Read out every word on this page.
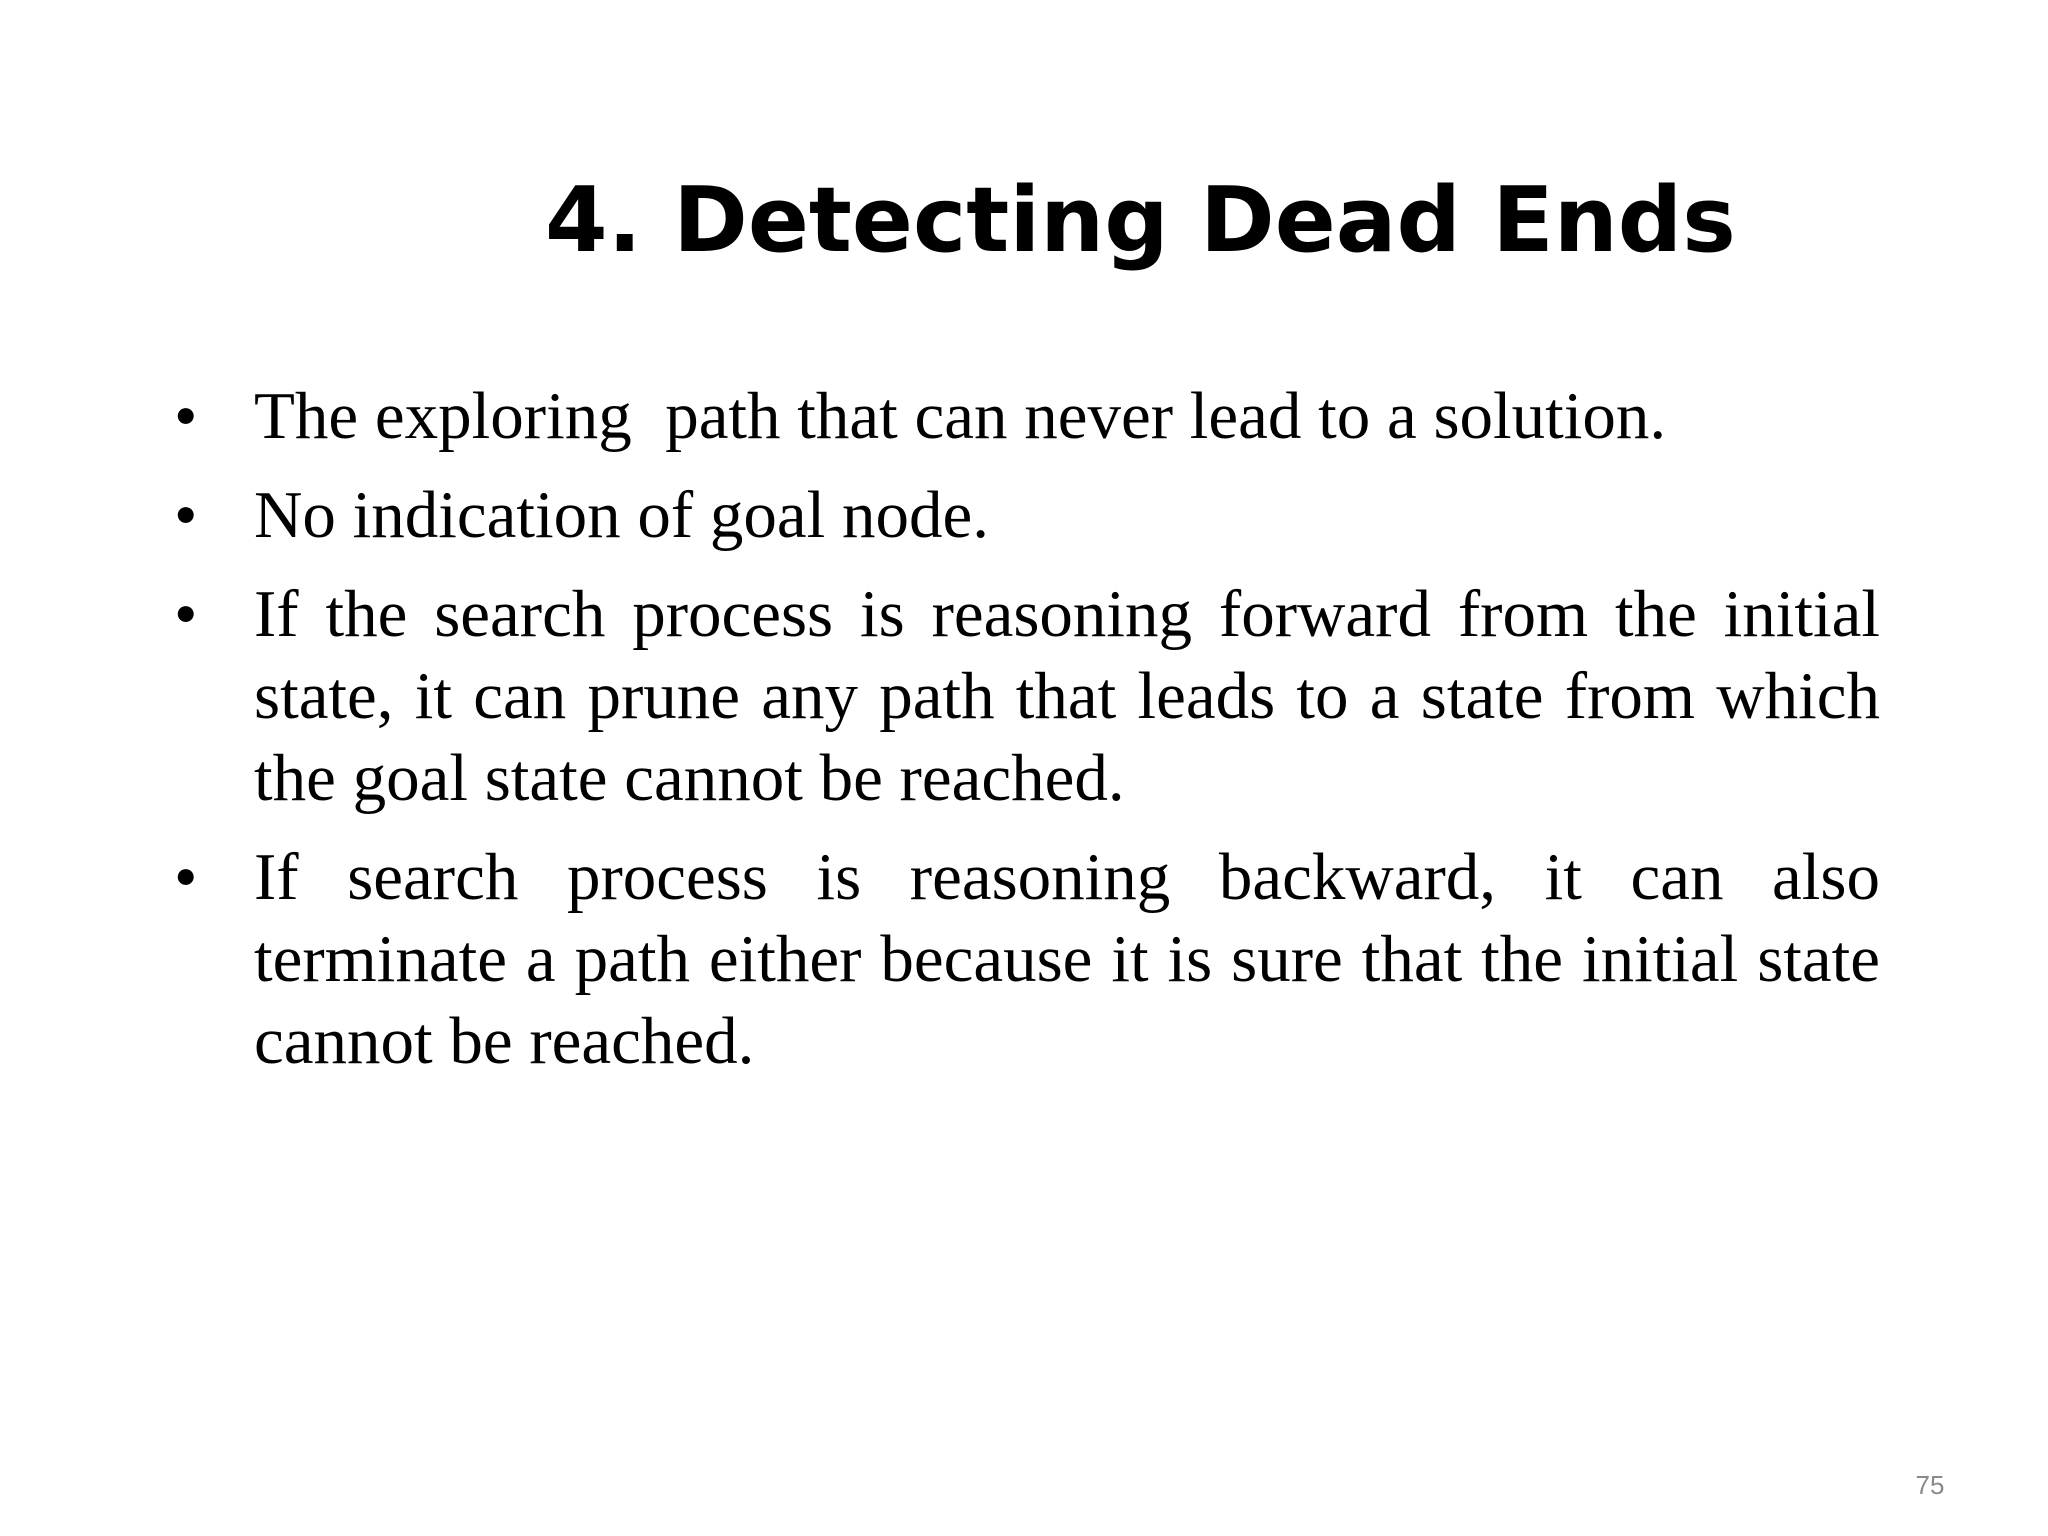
4. Detecting Dead Ends
• The exploring  path that can never lead to a solution.
• No indication of goal node.
• If the search process is reasoning forward from the initial state, it can prune any path that leads to a state from which the goal state cannot be reached.
• If search process is reasoning backward, it can also terminate a path either because it is sure that the initial state cannot be reached.
75
